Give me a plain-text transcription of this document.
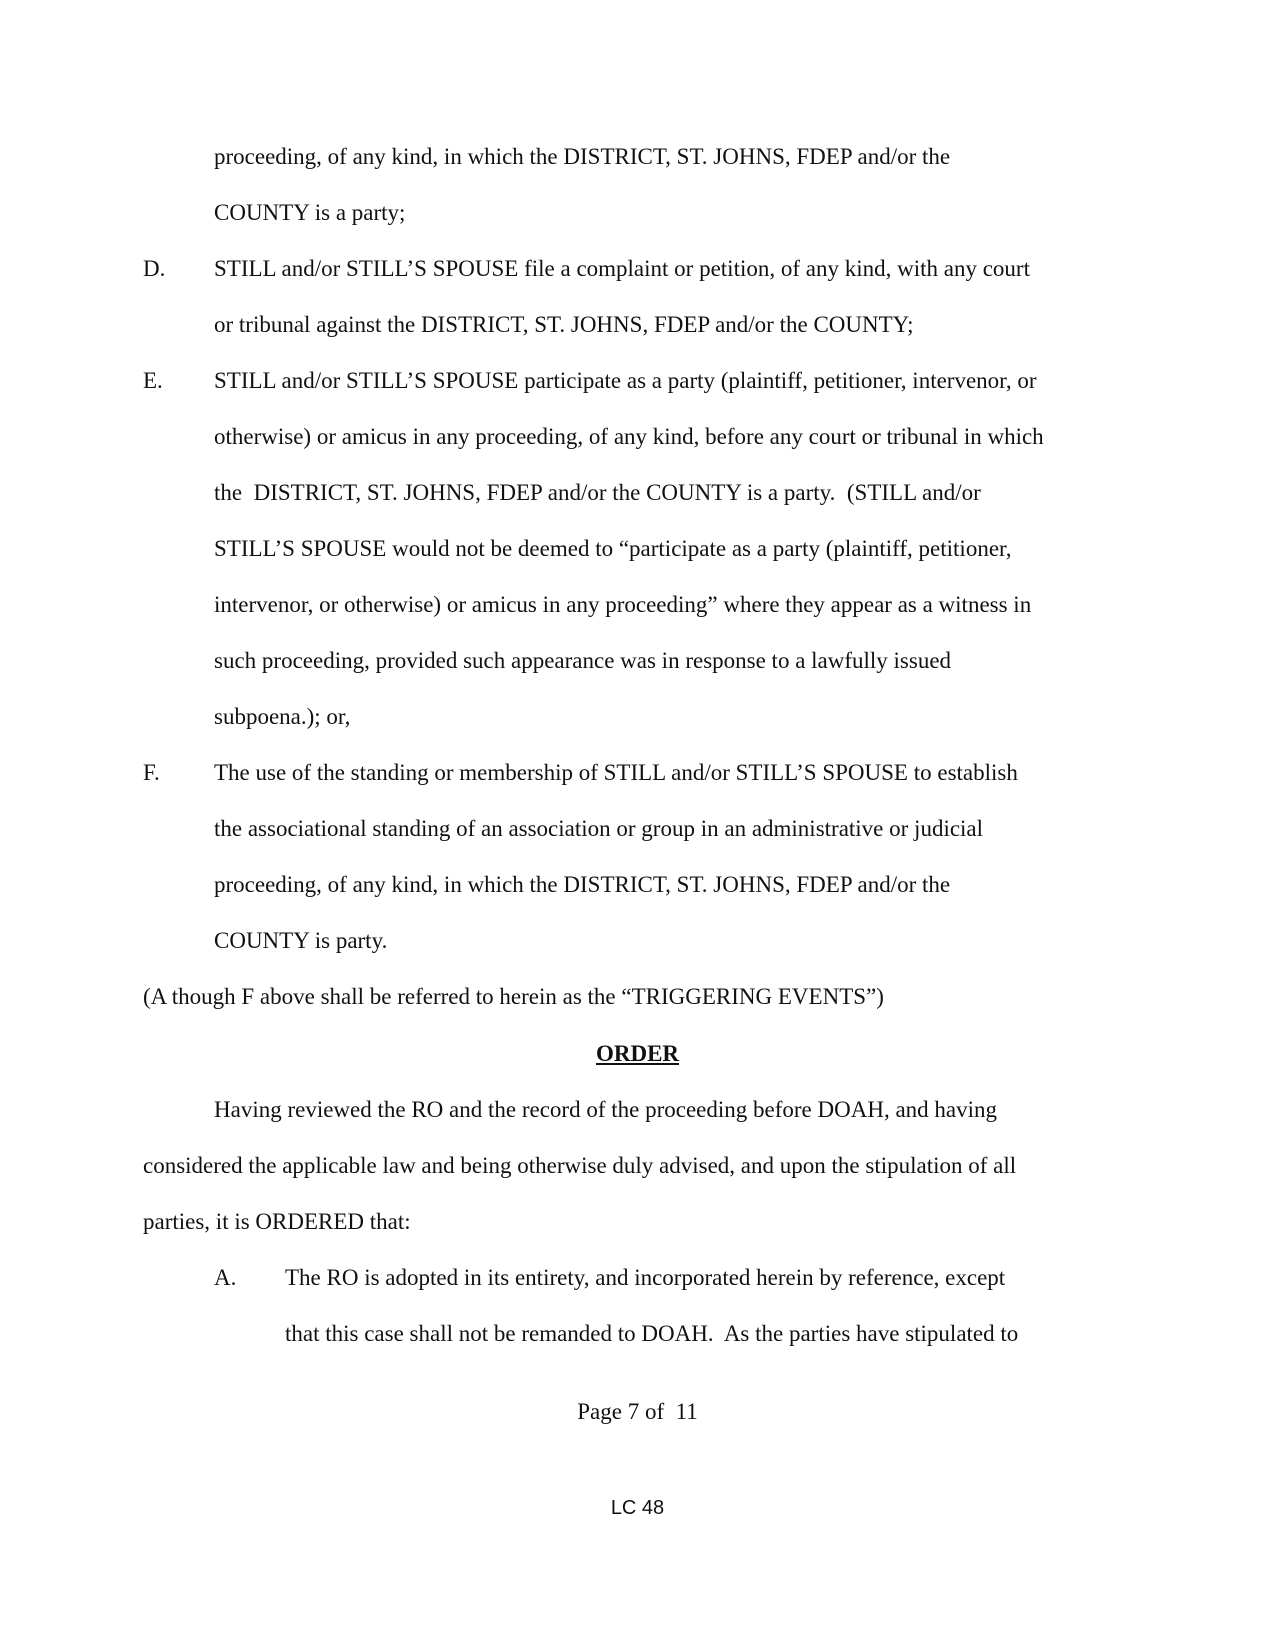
proceeding, of any kind, in which the DISTRICT, ST. JOHNS, FDEP and/or the
COUNTY is a party;
D. STILL and/or STILL’S SPOUSE file a complaint or petition, of any kind, with any court
or tribunal against the DISTRICT, ST. JOHNS, FDEP and/or the COUNTY;
E. STILL and/or STILL’S SPOUSE participate as a party (plaintiff, petitioner, intervenor, or
otherwise) or amicus in any proceeding, of any kind, before any court or tribunal in which
the  DISTRICT, ST. JOHNS, FDEP and/or the COUNTY is a party.  (STILL and/or
STILL’S SPOUSE would not be deemed to “participate as a party (plaintiff, petitioner,
intervenor, or otherwise) or amicus in any proceeding” where they appear as a witness in
such proceeding, provided such appearance was in response to a lawfully issued
subpoena.); or,
F. The use of the standing or membership of STILL and/or STILL’S SPOUSE to establish
the associational standing of an association or group in an administrative or judicial
proceeding, of any kind, in which the DISTRICT, ST. JOHNS, FDEP and/or the
COUNTY is party.
(A though F above shall be referred to herein as the “TRIGGERING EVENTS”)
ORDER
Having reviewed the RO and the record of the proceeding before DOAH, and having
considered the applicable law and being otherwise duly advised, and upon the stipulation of all
parties, it is ORDERED that:
A. The RO is adopted in its entirety, and incorporated herein by reference, except
that this case shall not be remanded to DOAH.  As the parties have stipulated to
Page 7 of  11
LC 48
